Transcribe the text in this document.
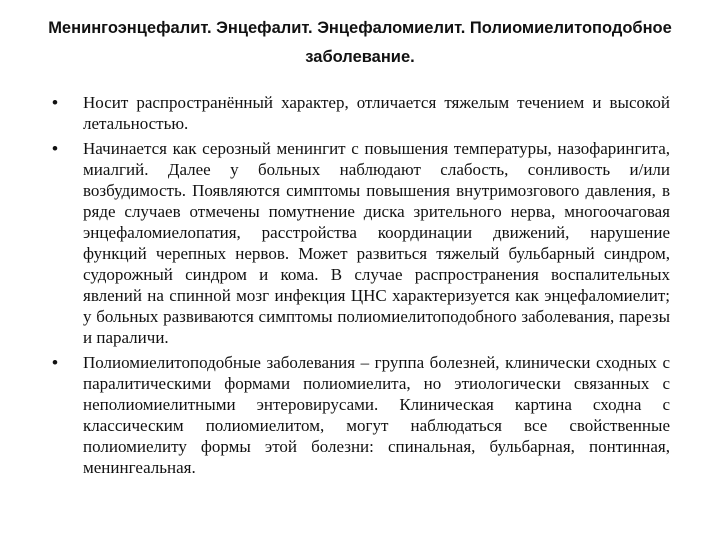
Менингоэнцефалит. Энцефалит. Энцефаломиелит. Полиомиелитоподобное заболевание.
•	Носит распространённый характер, отличается тяжелым течением и высокой летальностью.
•	Начинается как серозный менингит с повышения температуры, назофарингита, миалгий. Далее у больных наблюдают слабость, сонливость и/или возбудимость. Появляются симптомы повышения внутримозгового давления, в ряде случаев отмечены помутнение диска зрительного нерва, многоочаговая энцефаломиелопатия, расстройства координации движений, нарушение функций черепных нервов. Может развиться тяжелый бульбарный синдром, судорожный синдром и кома. В случае распространения воспалительных явлений на спинной мозг инфекция ЦНС характеризуется как энцефаломиелит; у больных развиваются симптомы полиомиелитоподобного заболевания, парезы и параличи.
•	Полиомиелитоподобные заболевания – группа болезней, клинически сходных с паралитическими формами полиомиелита, но этиологически связанных с неполиомиелитными энтеровирусами. Клиническая картина сходна с классическим полиомиелитом, могут наблюдаться все свойственные полиомиелиту формы этой болезни: спинальная, бульбарная, понтинная, менингеальная.
